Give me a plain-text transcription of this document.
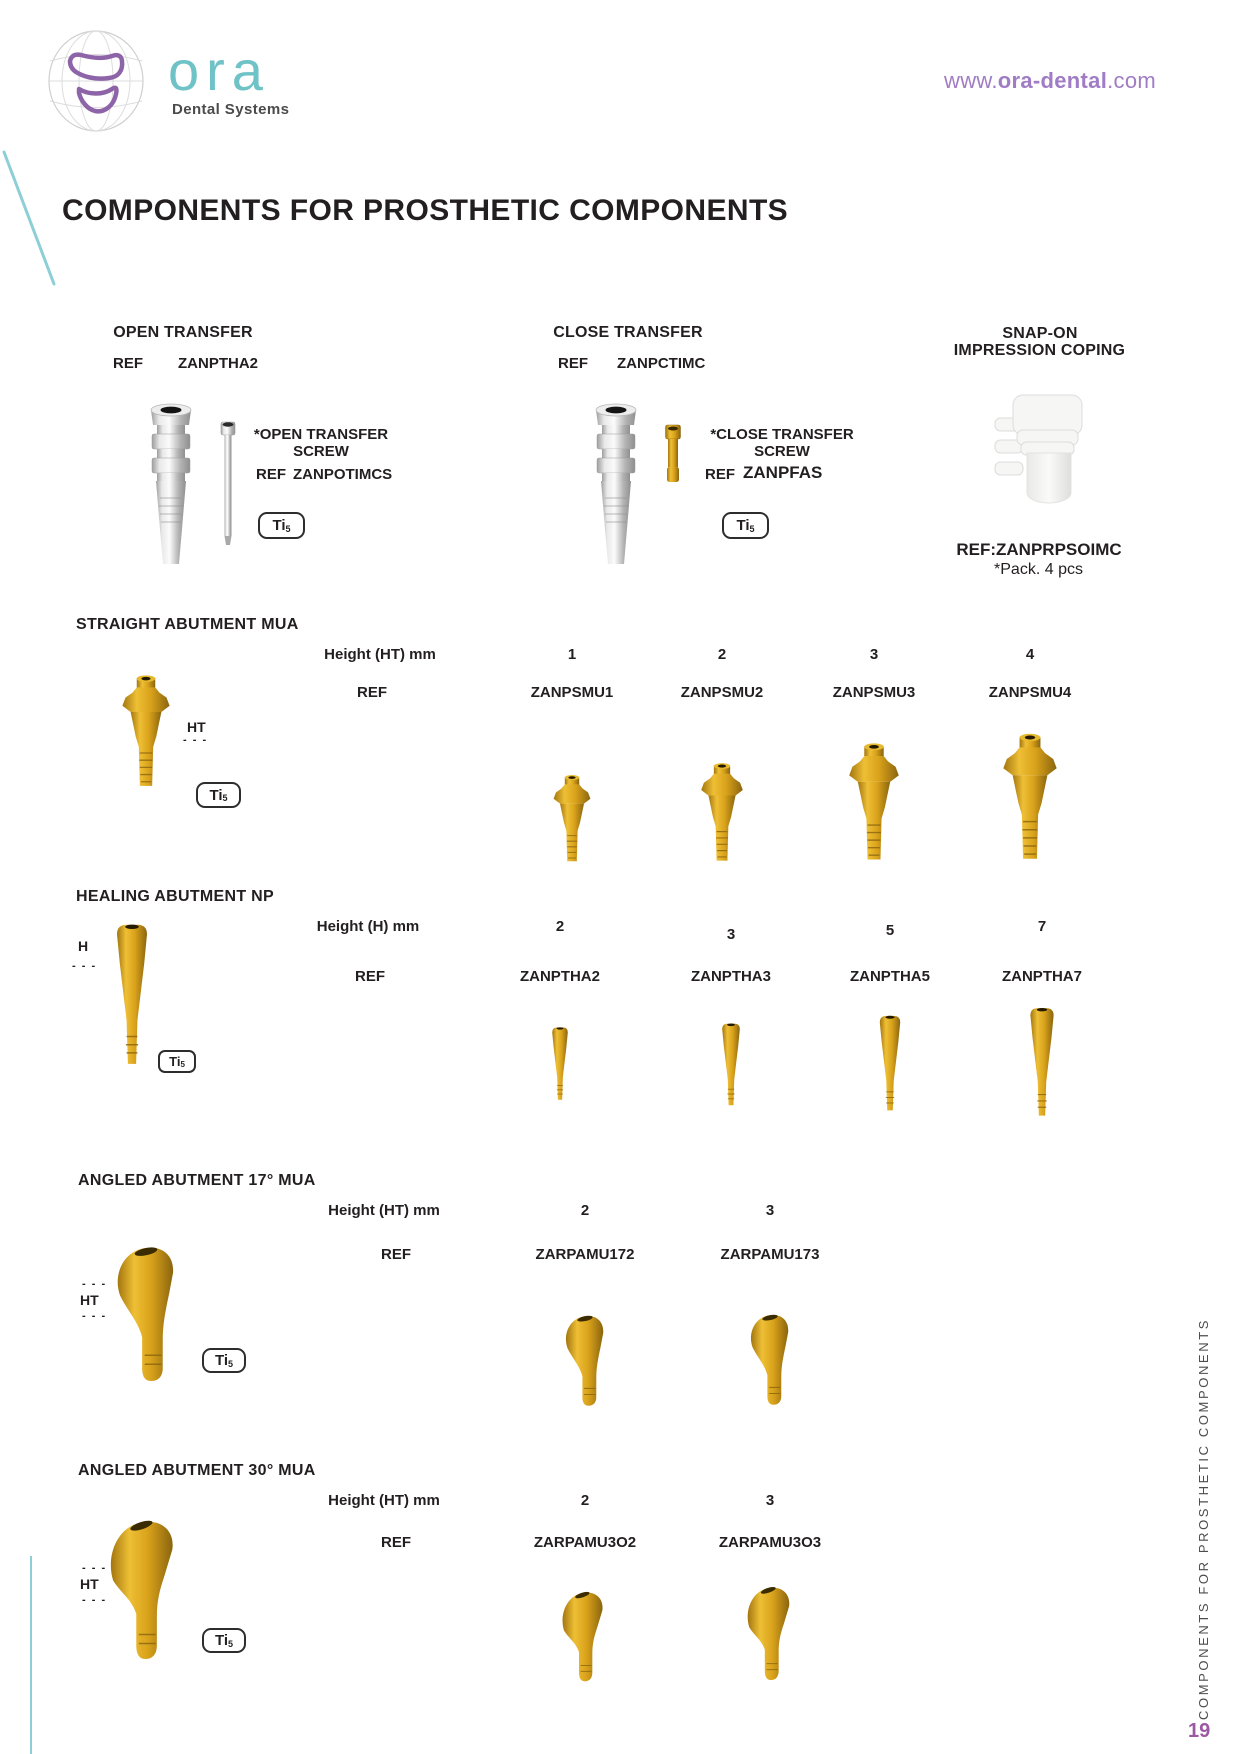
ora
Dental Systems
www.ora-dental.com
COMPONENTS FOR PROSTHETIC COMPONENTS
OPEN TRANSFER
REF ZANPTHA2
*OPEN TRANSFER
SCREW
REF ZANPOTIMCS
Ti 5
CLOSE TRANSFER
REF ZANPCTIMC
*CLOSE TRANSFER
SCREW
REF ZANPFAS
Ti 5
SNAP-ON
IMPRESSION COPING
REF:ZANPRPSOIMC
*Pack. 4 pcs
STRAIGHT ABUTMENT MUA
Height (HT) mm	1	2	3	4
REF	ZANPSMU1	ZANPSMU2	ZANPSMU3	ZANPSMU4
HT
- - -
Ti 5
HEALING ABUTMENT NP
Height (H) mm	2	3	5	7
REF	ZANPTHA2	ZANPTHA3	ZANPTHA5	ZANPTHA7
H
- - -
Ti 5
ANGLED ABUTMENT 17° MUA
Height (HT) mm	2	3
REF	ZARPAMU172	ZARPAMU173
- - -
HT
- - -
Ti 5
ANGLED ABUTMENT 30° MUA
Height (HT) mm	2	3
REF	ZARPAMU3O2	ZARPAMU3O3
- - -
HT
- - -
Ti 5	COMPONENTS FOR PROSTHETIC COMPONENTS
19
